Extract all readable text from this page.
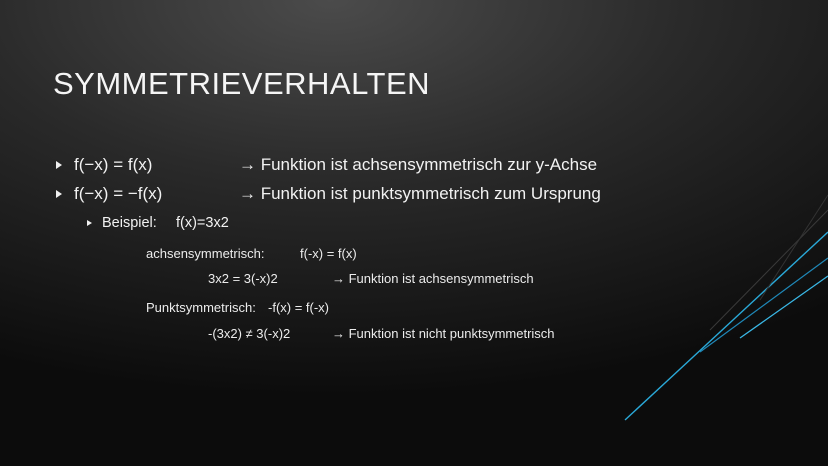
SYMMETRIEVERHALTEN
f(−x) = f(x)	→ Funktion ist achsensymmetrisch zur y-Achse
f(−x) = −f(x)	→ Funktion ist punktsymmetrisch zum Ursprung
Beispiel:	f(x)=3x2
achsensymmetrisch:	f(-x) = f(x)
3x2 = 3(-x)2	→ Funktion ist achsensymmetrisch
Punktsymmetrisch: -f(x) = f(-x)
-(3x2) ≠ 3(-x)2	→ Funktion ist nicht punktsymmetrisch
